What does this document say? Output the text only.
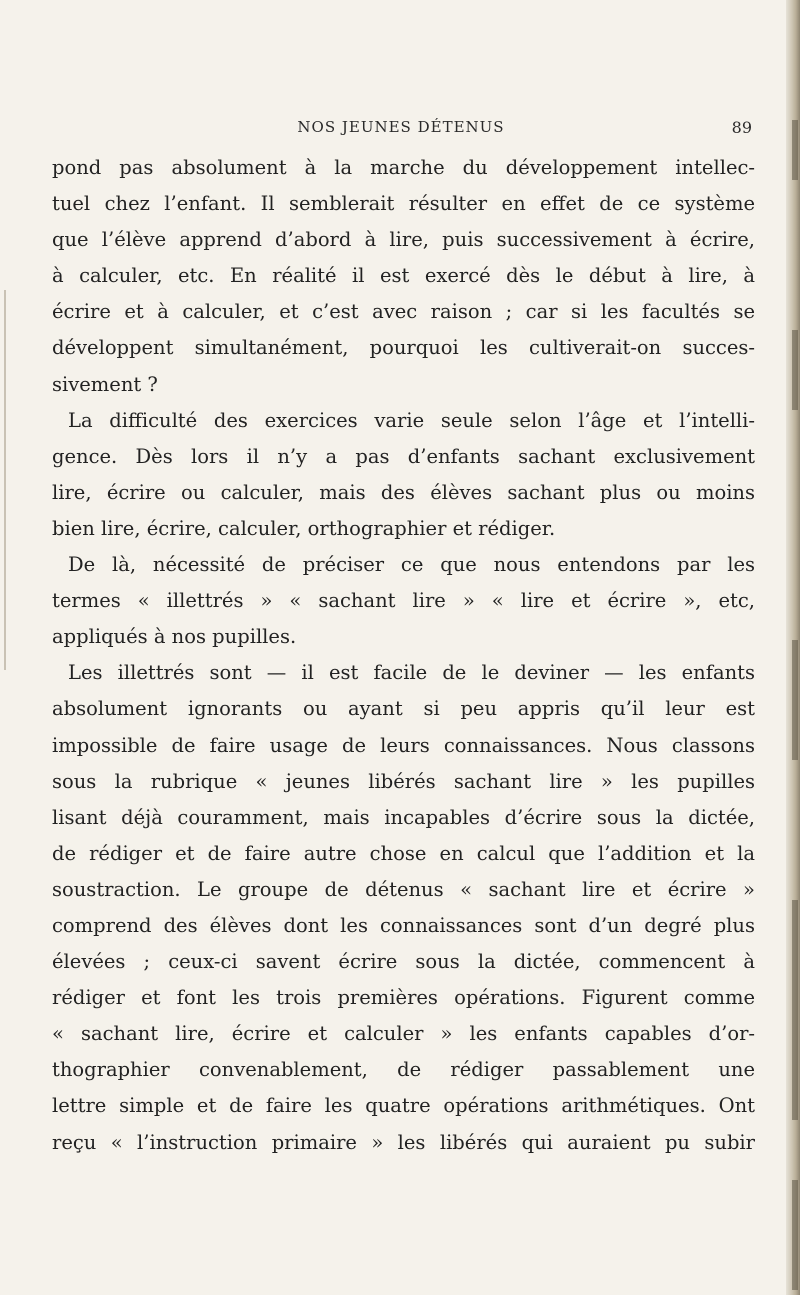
NOS JEUNES DÉTENUS	89
pond pas absolument à la marche du développement intellec-
tuel chez l’enfant. Il semblerait résulter en effet de ce système
que l’élève apprend d’abord à lire, puis successivement à écrire,
à calculer, etc. En réalité il est exercé dès le début à lire, à
écrire et à calculer, et c’est avec raison ; car si les facultés se
développent simultanément, pourquoi les cultiverait-on succes-
sivement ?
La difficulté des exercices varie seule selon l’âge et l’intelli-
gence. Dès lors il n’y a pas d’enfants sachant exclusivement
lire, écrire ou calculer, mais des élèves sachant plus ou moins
bien lire, écrire, calculer, orthographier et rédiger.
De là, nécessité de préciser ce que nous entendons par les
termes « illettrés » « sachant lire » « lire et écrire », etc,
appliqués à nos pupilles.
Les illettrés sont — il est facile de le deviner — les enfants
absolument ignorants ou ayant si peu appris qu’il leur est
impossible de faire usage de leurs connaissances. Nous classons
sous la rubrique « jeunes libérés sachant lire » les pupilles
lisant déjà couramment, mais incapables d’écrire sous la dictée,
de rédiger et de faire autre chose en calcul que l’addition et la
soustraction. Le groupe de détenus « sachant lire et écrire »
comprend des élèves dont les connaissances sont d’un degré plus
élevées ; ceux-ci savent écrire sous la dictée, commencent à
rédiger et font les trois premières opérations. Figurent comme
« sachant lire, écrire et calculer » les enfants capables d’or-
thographier convenablement, de rédiger passablement une
lettre simple et de faire les quatre opérations arithmétiques. Ont
reçu « l’instruction primaire » les libérés qui auraient pu subir
